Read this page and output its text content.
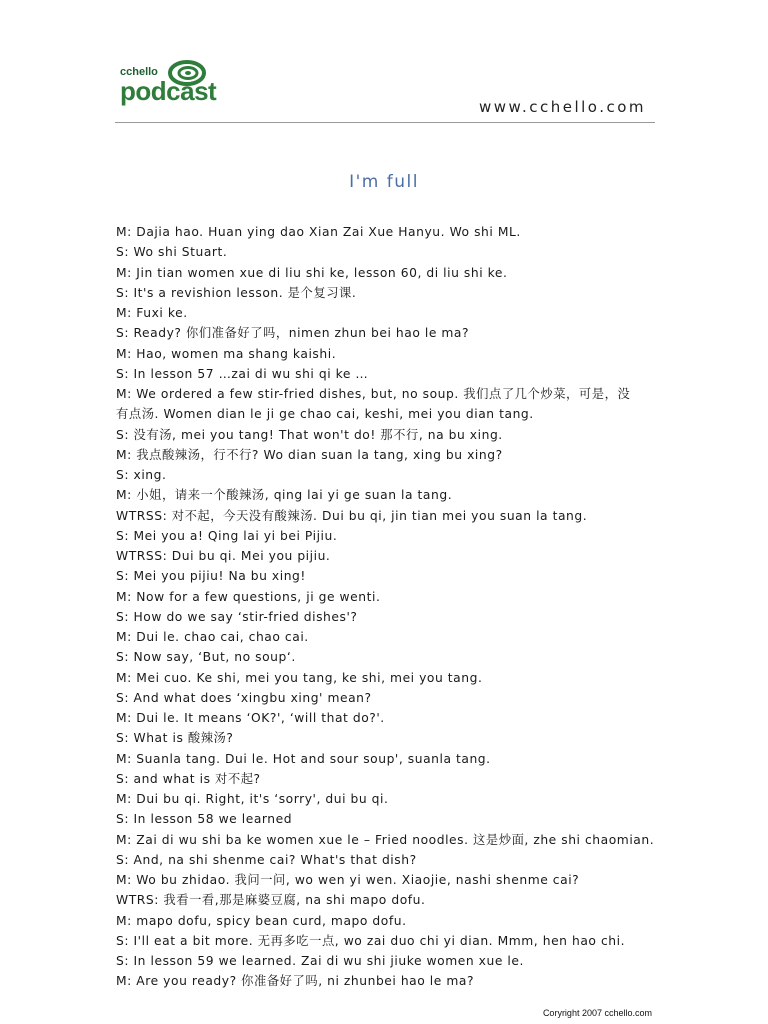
cchello
podcast
www.cchello.com
I'm full
M: Dajia hao. Huan ying dao Xian Zai Xue Hanyu. Wo shi ML.
S: Wo shi Stuart.
M: Jin tian women xue di liu shi ke, lesson 60, di liu shi ke.
S: It's a revishion lesson. 是个复习课.
M: Fuxi ke.
S: Ready? 你们准备好了吗，nimen zhun bei hao le ma?
M: Hao, women ma shang kaishi.
S: In lesson 57 …zai di wu shi qi ke …
M: We ordered a few stir-fried dishes, but, no soup. 我们点了几个炒菜，可是，没
有点汤. Women dian le ji ge chao cai, keshi, mei you dian tang.
S: 没有汤, mei you tang! That won't do! 那不行, na bu xing.
M: 我点酸辣汤，行不行? Wo dian suan la tang, xing bu xing?
S: xing.
M: 小姐，请来一个酸辣汤, qing lai yi ge suan la tang.
WTRSS: 对不起，今天没有酸辣汤. Dui bu qi, jin tian mei you suan la tang.
S: Mei you a! Qing lai yi bei Pijiu.
WTRSS: Dui bu qi. Mei you pijiu.
S: Mei you pijiu! Na bu xing!
M: Now for a few questions, ji ge wenti.
S: How do we say ‘stir-fried dishes'?
M: Dui le. chao cai, chao cai.
S: Now say, ‘But, no soup‘.
M: Mei cuo. Ke shi, mei you tang, ke shi, mei you tang.
S: And what does ‘xingbu xing' mean?
M: Dui le. It means ‘OK?', ‘will that do?'.
S: What is 酸辣汤?
M: Suanla tang. Dui le. Hot and sour soup', suanla tang.
S: and what is 对不起?
M: Dui bu qi. Right, it's ‘sorry', dui bu qi.
S: In lesson 58 we learned
M: Zai di wu shi ba ke women xue le – Fried noodles. 这是炒面, zhe shi chaomian.
S: And, na shi shenme cai? What's that dish?
M: Wo bu zhidao. 我问一问, wo wen yi wen. Xiaojie, nashi shenme cai?
WTRS: 我看一看,那是麻婆豆腐, na shi mapo dofu.
M: mapo dofu, spicy bean curd, mapo dofu.
S: I'll eat a bit more. 无再多吃一点, wo zai duo chi yi dian. Mmm, hen hao chi.
S: In lesson 59 we learned. Zai di wu shi jiuke women xue le.
M: Are you ready? 你准备好了吗, ni zhunbei hao le ma?
Coryright 2007 cchello.com
